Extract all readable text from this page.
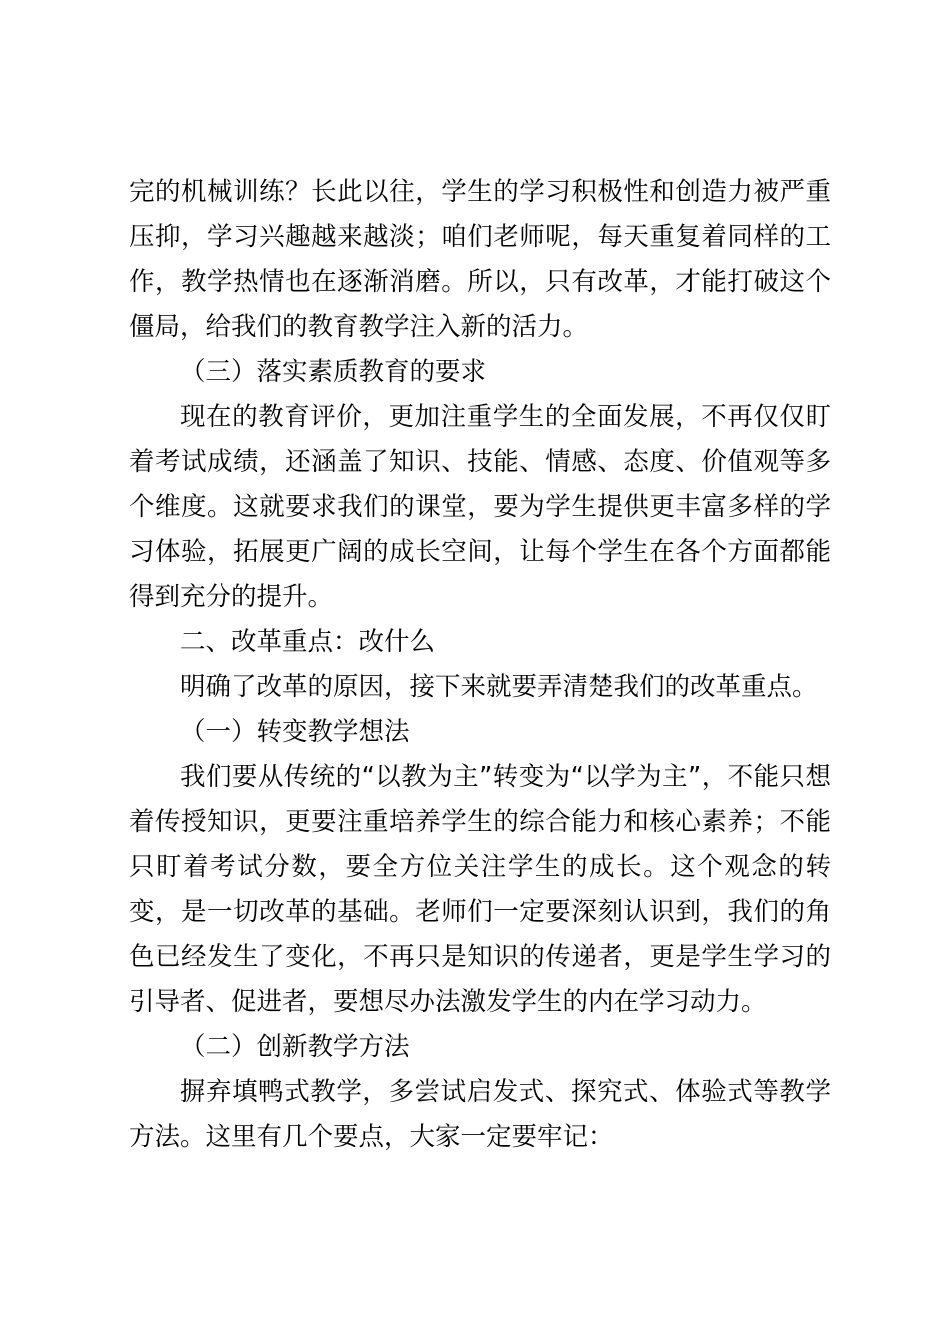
完的机械训练？长此以往，学生的学习积极性和创造力被严重压抑，学习兴趣越来越淡；咱们老师呢，每天重复着同样的工作，教学热情也在逐渐消磨。所以，只有改革，才能打破这个僵局，给我们的教育教学注入新的活力。

（三）落实素质教育的要求

现在的教育评价，更加注重学生的全面发展，不再仅仅盯着考试成绩，还涵盖了知识、技能、情感、态度、价值观等多个维度。这就要求我们的课堂，要为学生提供更丰富多样的学习体验，拓展更广阔的成长空间，让每个学生在各个方面都能得到充分的提升。

二、改革重点：改什么

明确了改革的原因，接下来就要弄清楚我们的改革重点。

（一）转变教学想法

我们要从传统的“以教为主”转变为“以学为主”，不能只想着传授知识，更要注重培养学生的综合能力和核心素养；不能只盯着考试分数，要全方位关注学生的成长。这个观念的转变，是一切改革的基础。老师们一定要深刻认识到，我们的角色已经发生了变化，不再只是知识的传递者，更是学生学习的引导者、促进者，要想尽办法激发学生的内在学习动力。

（二）创新教学方法

摒弃填鸭式教学，多尝试启发式、探究式、体验式等教学方法。这里有几个要点，大家一定要牢记：
